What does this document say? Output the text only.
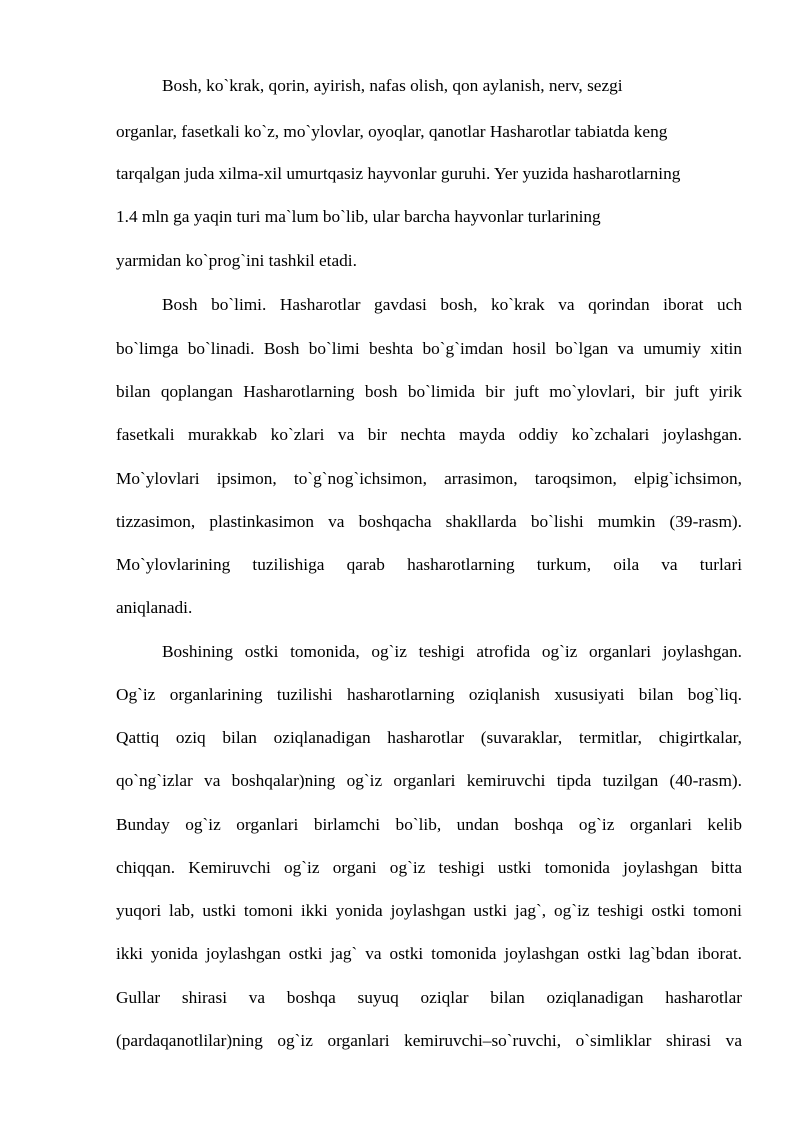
Bosh, ko`krak, qorin, ayirish, nafas olish, qon aylanish, nerv, sezgi
organlar, fasetkali ko`z, mo`ylovlar, oyoqlar, qanotlar Hasharotlar tabiatda keng
tarqalgan juda xilma-xil umurtqasiz hayvonlar guruhi. Yer yuzida hasharotlarning
1.4 mln ga yaqin turi ma`lum bo`lib, ular barcha hayvonlar turlarining
yarmidan ko`prog`ini tashkil etadi.
Bosh bo`limi. Hasharotlar gavdasi bosh, ko`krak va qorindan iborat uch
bo`limga bo`linadi. Bosh bo`limi beshta bo`g`imdan hosil bo`lgan va umumiy xitin
bilan qoplangan Hasharotlarning bosh bo`limida bir juft mo`ylovlari, bir juft yirik
fasetkali murakkab ko`zlari va bir nechta mayda oddiy ko`zchalari joylashgan.
Mo`ylovlari ipsimon, to`g`nog`ichsimon, arrasimon, taroqsimon, elpig`ichsimon,
tizzasimon, plastinkasimon va boshqacha shakllarda bo`lishi mumkin (39-rasm).
Mo`ylovlarining tuzilishiga qarab hasharotlarning turkum, oila va turlari
aniqlanadi.
Boshining ostki tomonida, og`iz teshigi atrofida og`iz organlari joylashgan.
Og`iz organlarining tuzilishi hasharotlarning oziqlanish xususiyati bilan bog`liq.
Qattiq oziq bilan oziqlanadigan hasharotlar (suvaraklar, termitlar, chigirtkalar,
qo`ng`izlar va boshqalar)ning og`iz organlari kemiruvchi tipda tuzilgan (40-rasm).
Bunday og`iz organlari birlamchi bo`lib, undan boshqa og`iz organlari kelib
chiqqan. Kemiruvchi og`iz organi og`iz teshigi ustki tomonida joylashgan bitta
yuqori lab, ustki tomoni ikki yonida joylashgan ustki jag`, og`iz teshigi ostki tomoni
ikki yonida joylashgan ostki jag` va ostki tomonida joylashgan ostki lag`bdan iborat.
Gullar shirasi va boshqa suyuq oziqlar bilan oziqlanadigan hasharotlar
(pardaqanotlilar)ning og`iz organlari kemiruvchi–so`ruvchi, o`simliklar shirasi va
